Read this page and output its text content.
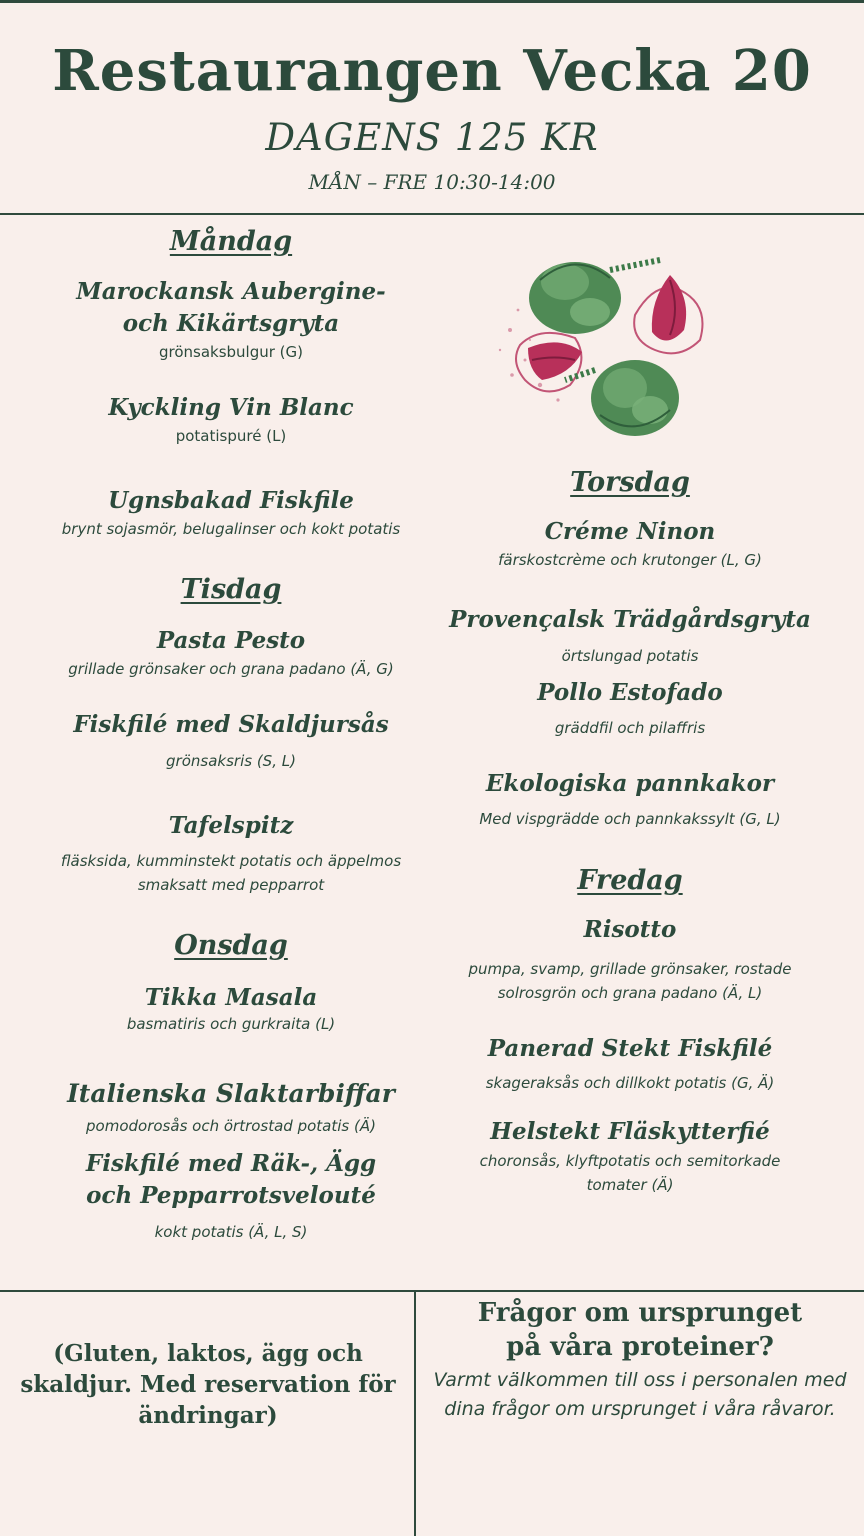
Restaurangen Vecka 20
DAGENS 125 KR
MÅN – FRE 10:30-14:00
Måndag
Marockansk Aubergine- och Kikärtsgryta
grönsaksbulgur (G)
Kyckling Vin Blanc
potatispuré (L)
Ugnsbakad Fiskfile
brynt sojasmör, belugalinser och kokt potatis
Tisdag
Pasta Pesto
grillade grönsaker och grana padano (Ä, G)
Fiskfilé med Skaldjursås
grönsaksris (S, L)
Tafelspitz
fläsksida, kumminstekt potatis och äppelmos smaksatt med pepparrot
Onsdag
Tikka Masala
basmatiris och gurkraita (L)
Italienska Slaktarbiffar
pomodorosås och örtrostad potatis (Ä)
Fiskfilé med Räk-, Ägg och Pepparrotsvelouté
kokt potatis (Ä, L, S)
Torsdag
Créme Ninon
färskostcrème och krutonger (L, G)
Provençalsk Trädgårdsgryta
örtslungad potatis
Pollo Estofado
gräddfil och pilaffris
Ekologiska pannkakor
Med vispgrädde och pannkakssylt (G, L)
Fredag
Risotto
pumpa, svamp, grillade grönsaker, rostade solrosgrön och grana padano (Ä, L)
Panerad Stekt Fiskfilé
skageraksås och dillkokt potatis (G, Ä)
Helstekt Fläskytterfié
choronsås, klyftpotatis och semitorkade tomater (Ä)
(Gluten, laktos, ägg och skaldjur. Med reservation för ändringar)
Frågor om ursprunget på våra proteiner?
Varmt välkommen till oss i personalen med dina frågor om ursprunget i våra råvaror.
